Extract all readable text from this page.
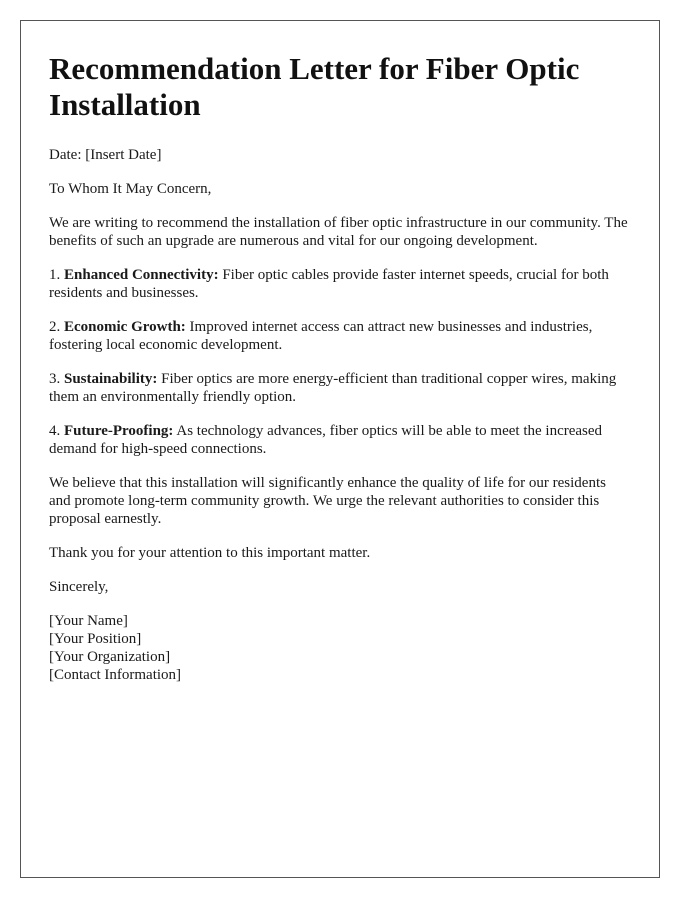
Recommendation Letter for Fiber Optic Installation

Date: [Insert Date]

To Whom It May Concern,

We are writing to recommend the installation of fiber optic infrastructure in our community. The benefits of such an upgrade are numerous and vital for our ongoing development.

1. Enhanced Connectivity: Fiber optic cables provide faster internet speeds, crucial for both residents and businesses.

2. Economic Growth: Improved internet access can attract new businesses and industries, fostering local economic development.

3. Sustainability: Fiber optics are more energy-efficient than traditional copper wires, making them an environmentally friendly option.

4. Future-Proofing: As technology advances, fiber optics will be able to meet the increased demand for high-speed connections.

We believe that this installation will significantly enhance the quality of life for our residents and promote long-term community growth. We urge the relevant authorities to consider this proposal earnestly.

Thank you for your attention to this important matter.

Sincerely,

[Your Name]
[Your Position]
[Your Organization]
[Contact Information]
